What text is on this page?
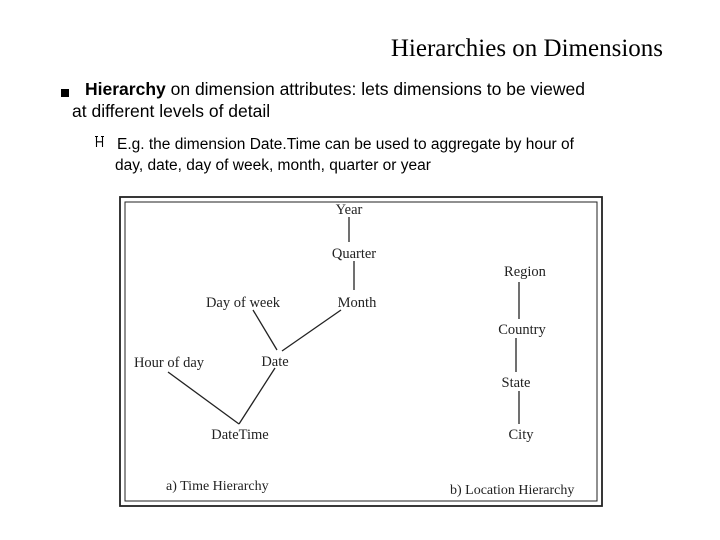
Hierarchies on Dimensions
Hierarchy on dimension attributes: lets dimensions to be viewed
at different levels of detail
E.g. the dimension Date.Time can be used to aggregate by hour of
day, date, day of week, month, quarter or year
Year
Quarter
Month
Day of week
Date
Hour of day
DateTime
Region
Country
State
City
a) Time Hierarchy	b) Location Hierarchy
